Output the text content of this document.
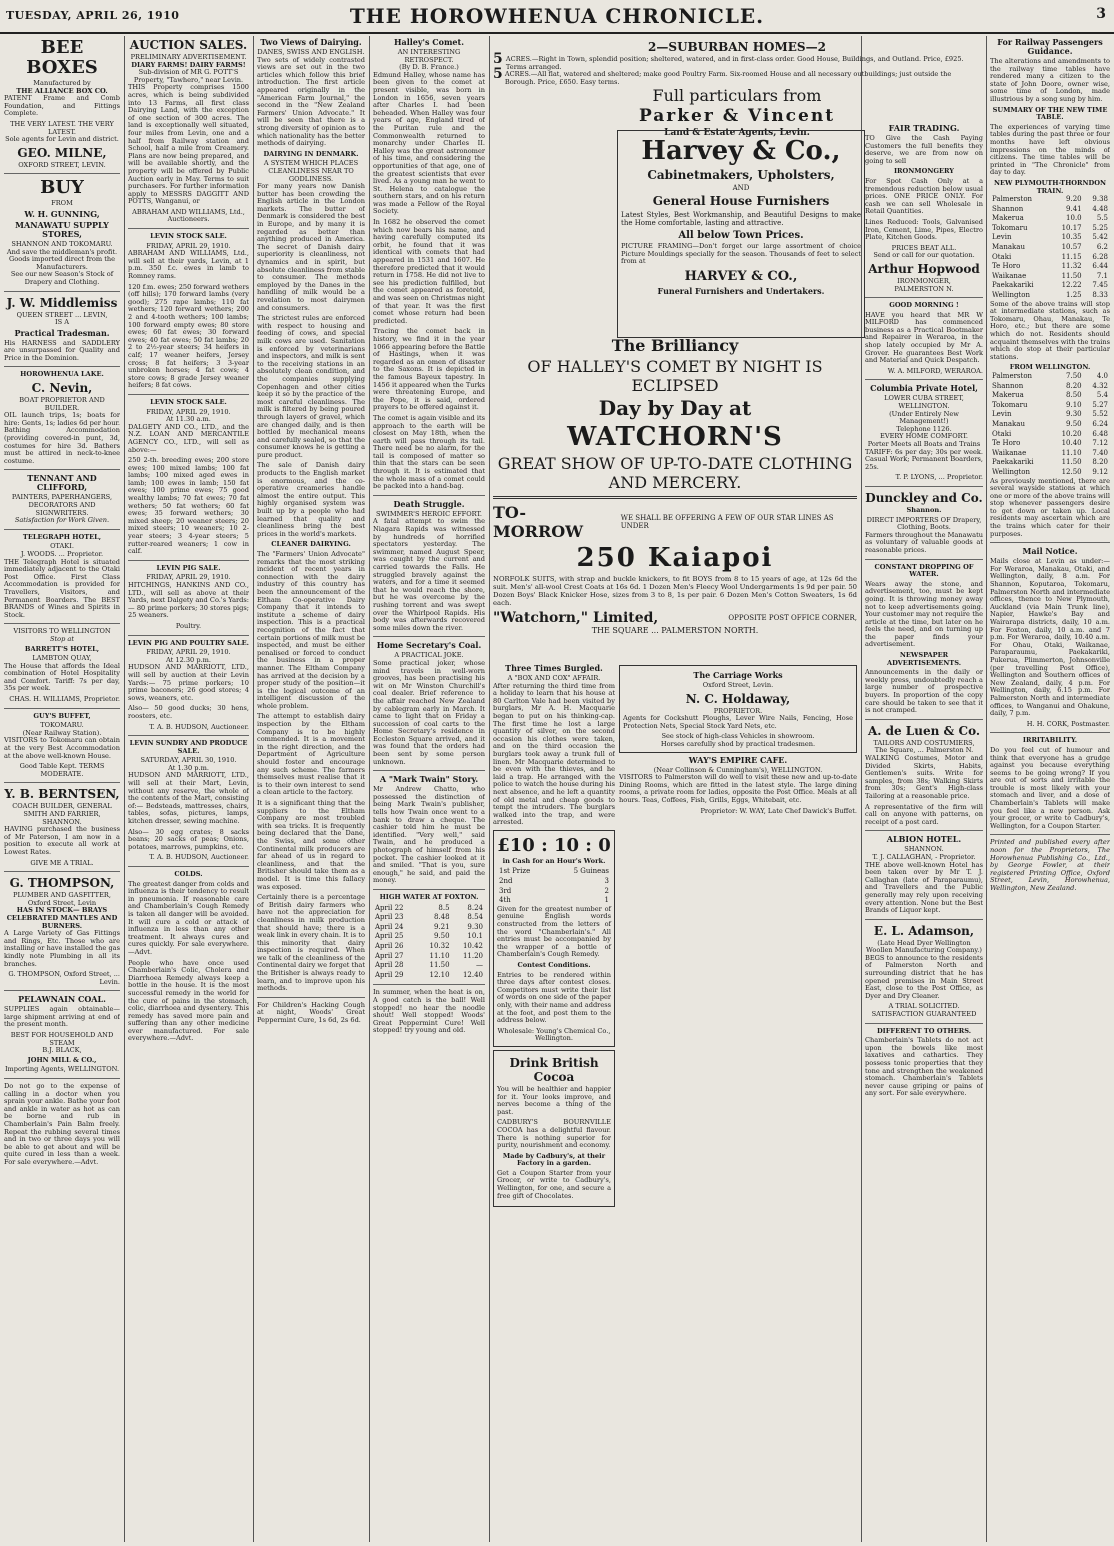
TUESDAY, APRIL 26, 1910	THE HOROWHENUA CHRONICLE.	3
BEE BOXES
Manufactured by
THE ALLIANCE BOX CO.
PATENT Frame and Comb Foundation, and Fittings Complete.
THE VERY LATEST. THE VERY LATEST.
Sole agents for Levin and district.
GEO. MILNE,
OXFORD STREET, LEVIN.
BUY
FROM
W. H. GUNNING,
MANAWATU SUPPLY STORES,
SHANNON AND TOKOMARU.
And save the middleman's profit.
Goods imported direct from the Manufacturers.
See our new Season's Stock of Drapery and Clothing.
J. W. Middlemiss
QUEEN STREET ... LEVIN,
IS A
Practical Tradesman.
His HARNESS and SADDLERY are unsurpassed for Quality and Price in the Dominion.
HOROWHENUA LAKE.
C. Nevin,
BOAT PROPRIETOR AND BUILDER.
OIL launch trips, 1s; boats for hire: Gents, 1s; ladies 6d per hour. Bathing Accommodation (providing covered-in punt, 3d, costumes for hire 3d. Bathers must be attired in neck-to-knee costume.
TENNANT AND CLIFFORD,
PAINTERS, PAPERHANGERS, DECORATORS AND SIGNWRITERS.
Satisfaction for Work Given.
TELEGRAPH HOTEL,
OTAKI.
J. WOODS. ... Proprietor.
THE Telegraph Hotel is situated immediately adjacent to the Otaki Post Office. First Class Accommodation is provided for Travellers, Visitors, and Permanent Boarders. The BEST BRANDS of Wines and Spirits in Stock.
VISITORS TO WELLINGTON
Stop at
BARRETT'S HOTEL,
LAMBTON QUAY,
The House that affords the Ideal combination of Hotel Hospitality and Comfort. Tariff: 7s per day, 35s per week.
CHAS. H. WILLIAMS, Proprietor.
GUY'S BUFFET,
TOKOMARU.
(Near Railway Station).
VISITORS to Tokomaru can obtain at the very Best Accommodation at the above well-known House.
Good Table Kept. TERMS MODERATE.
Y. B. BERNTSEN,
COACH BUILDER, GENERAL SMITH AND FARRIER,
SHANNON.
HAVING purchased the business of Mr Paterson, I am now in a position to execute all work at Lowest Rates.
GIVE ME A TRIAL.
G. THOMPSON,
PLUMBER AND GASFITTER, Oxford Street, Levin
HAS IN STOCK— BRAYS CELEBRATED MANTLES AND BURNERS.
A Large Variety of Gas Fittings and Rings, Etc. Those who are installing or have installed the gas kindly note Plumbing in all its branches.
G. THOMPSON, Oxford Street, ... Levin.
PELAWNAIN COAL.
SUPPLIES again obtainable—large shipment arriving at end of the present month.
BEST FOR HOUSEHOLD AND STEAM
B.J. BLACK,
JOHN MILL & CO.,
Importing Agents, WELLINGTON.
Do not go to the expense of calling in a doctor when you sprain your ankle. Bathe your foot and ankle in water as hot as can be borne and rub in Chamberlain's Pain Balm freely. Repeat the rubbing several times and in two or three days you will be able to get about and will be quite cured in less than a week. For sale everywhere.—Advt.
AUCTION SALES.
PRELIMINARY ADVERTISEMENT.
DIARY FARMS! DAIRY FARMS!
Sub-division of MR G. POTT'S Property, "Tawhero," near Levin.
THIS Property comprises 1500 acres, which is being subdivided into 13 Farms, all first class Dairying Land, with the exception of one section of 300 acres. The land is exceptionally well situated, four miles from Levin, one and a half from Railway station and School, half a mile from Creamery. Plans are now being prepared, and will be available shortly, and the property will be offered by Public Auction early in May. Terms to suit purchasers. For further information apply to MESSRS DAGGITT AND POTTS, Wanganui, or
ABRAHAM AND WILLIAMS, Ltd., Auctioneers.
LEVIN STOCK SALE.
FRIDAY, APRIL 29, 1910.
ABRAHAM AND WILLIAMS, Ltd., will sell at their yards, Levin, at 1 p.m. 350 f.c. ewes in lamb to Romney rams.
120 f.m. ewes; 250 forward wethers (off hills); 170 forward lambs (very good); 275 rape lambs; 110 fat wethers; 120 forward wethers; 200 2 and 4-tooth wethers; 100 lambs; 100 forward empty ewes; 80 store ewes; 60 fat ewes; 30 forward ewes; 40 fat ewes; 50 fat lambs; 20 2 to 2½-year steers; 34 heifers in calf; 17 weaner heifers, Jersey cross; 8 fat heifers; 3 3-year unbroken horses; 4 fat cows; 4 store cows; 8 grade Jersey weaner heifers; 8 fat cows.
LEVIN STOCK SALE.
FRIDAY, APRIL 29, 1910.
At 11.30 a.m.
DALGETY AND CO., LTD., and the N.Z. LOAN AND MERCANTILE AGENCY CO., LTD., will sell as above:—
250 2-th. breeding ewes; 200 store ewes; 100 mixed lambs; 100 fat lambs; 100 mixed aged ewes in lamb; 100 ewes in lamb; 150 fat ewes; 100 prime ewes; 75 good wealthy lambs; 70 fat ewes; 70 fat wethers; 50 fat wethers; 60 fat ewes; 35 forward wethers; 30 mixed sheep; 20 weaner steers; 20 mixed steers; 10 weaners; 10 2-year steers; 3 4-year steers; 5 rutter-reared weaners; 1 cow in calf.
LEVIN PIG SALE.
FRIDAY, APRIL 29, 1910.
HITCHINGS, HANKINS AND CO., LTD., will sell as above at their Yards, next Dalgety and Co.'s Yards:— 80 prime porkers; 30 stores pigs; 25 weaners.
Poultry.
LEVIN PIG AND POULTRY SALE.
FRIDAY, APRIL 29, 1910.
At 12.30 p.m.
HUDSON AND MARRIOTT, LTD., will sell by auction at their Levin Yards:— 75 prime porkers; 10 prime baconers; 26 good stores; 4 sows, weaners, etc.
Also— 50 good ducks; 30 hens, roosters, etc.
T. A. B. HUDSON, Auctioneer.
LEVIN SUNDRY AND PRODUCE SALE.
SATURDAY, APRIL 30, 1910.
At 1.30 p.m.
HUDSON AND MARRIOTT, LTD., will sell at their Mart, Levin, without any reserve, the whole of the contents of the Mart, consisting of:— Bedsteads, mattresses, chairs, tables, sofas, pictures, lamps, kitchen dresser, sewing machine.
Also— 30 egg crates; 8 sacks beans; 20 sacks of peas; Onions, potatoes, marrows, pumpkins, etc.
T. A. B. HUDSON, Auctioneer.
COLDS.
The greatest danger from colds and influenza is their tendency to result in pneumonia. If reasonable care and Chamberlain's Cough Remedy is taken all danger will be avoided. It will cure a cold or attack of influenza in less than any other treatment. It always cures and cures quickly. For sale everywhere.—Advt.
People who have once used Chamberlain's Colic, Cholera and Diarrhoea Remedy always keep a bottle in the house. It is the most successful remedy in the world for the cure of pains in the stomach, colic, diarrhoea and dysentery. This remedy has saved more pain and suffering than any other medicine ever manufactured. For sale everywhere.—Advt.
Two Views of Dairying.
DANES, SWISS AND ENGLISH.
Two sets of widely contrasted views are set out in the two articles which follow this brief introduction. The first article appeared originally in the "American Farm Journal," the second in the "New Zealand Farmers' Union Advocate." It will be seen that there is a strong diversity of opinion as to which nationality has the better methods of dairying.
DAIRYING IN DENMARK.
A SYSTEM WHICH PLACES CLEANLINESS NEAR TO GODLINESS.
For many years now Danish butter has been crowding the English article in the London markets. The butter of Denmark is considered the best in Europe, and by many it is regarded as better than anything produced in America. The secret of Danish dairy superiority is cleanliness, not dynamics and in spirit, but absolute cleanliness from stable to consumer. The methods employed by the Danes in the handling of milk would be a revelation to most dairymen and consumers.
The strictest rules are enforced with respect to housing and feeding of cows, and special milk cows are used. Sanitation is enforced by veterinarians and inspectors, and milk is sent to the receiving stations in an absolutely clean condition, and the companies supplying Copenhagen and other cities keep it so by the practice of the most careful cleanliness. The milk is filtered by being poured through layers of gravel, which are changed daily, and is then bottled by mechanical means and carefully sealed, so that the consumer knows he is getting a pure product.
The sale of Danish dairy products to the English market is enormous, and the co-operative creameries handle almost the entire output. This highly organised system was built up by a people who had learned that quality and cleanliness bring the best prices in the world's markets.
CLEANER DAIRYING.
The "Farmers' Union Advocate" remarks that the most striking incident of recent years in connection with the dairy industry of this country has been the announcement of the Eltham Co-operative Dairy Company that it intends to institute a scheme of dairy inspection. This is a practical recognition of the fact that certain portions of milk must be inspected, and must be either penalised or forced to conduct the business in a proper manner. The Eltham Company has arrived at the decision by a proper study of the position—it is the logical outcome of an intelligent discussion of the whole problem.
The attempt to establish dairy inspection by the Eltham Company is to be highly commended. It is a movement in the right direction, and the Department of Agriculture should foster and encourage any such scheme. The farmers themselves must realise that it is to their own interest to send a clean article to the factory.
It is a significant thing that the suppliers to the Eltham Company are most troubled with sea tricks. It is frequently being declared that the Dane, the Swiss, and some other Continental milk producers are far ahead of us in regard to cleanliness, and that the Britisher should take them as a model. It is time this fallacy was exposed.
Certainly there is a percentage of British dairy farmers who have not the appreciation for cleanliness in milk production that should have; there is a weak link in every chain. It is to this minority that dairy inspection is required. When we talk of the cleanliness of the Continental dairy we forget that the Britisher is always ready to learn, and to improve upon his methods.
For Children's Hacking Cough at night, Woods' Great Peppermint Cure, 1s 6d, 2s 6d.
Halley's Comet.
AN INTERESTING RETROSPECT.
(By D. B. France.)
Edmund Halley, whose name has been given to the comet at present visible, was born in London in 1656, seven years after Charles I. had been beheaded. When Halley was four years of age, England tired of the Puritan rule and the Commonwealth returned to monarchy under Charles II. Halley was the great astronomer of his time, and considering the opportunities of that age, one of the greatest scientists that ever lived. As a young man he went to St. Helena to catalogue the southern stars, and on his return was made a Fellow of the Royal Society.
In 1682 he observed the comet which now bears his name, and having carefully computed its orbit, he found that it was identical with comets that had appeared in 1531 and 1607. He therefore predicted that it would return in 1758. He did not live to see his prediction fulfilled, but the comet appeared as foretold, and was seen on Christmas night of that year. It was the first comet whose return had been predicted.
Tracing the comet back in history, we find it in the year 1066 appearing before the Battle of Hastings, when it was regarded as an omen of disaster to the Saxons. It is depicted in the famous Bayeux tapestry. In 1456 it appeared when the Turks were threatening Europe, and the Pope, it is said, ordered prayers to be offered against it.
The comet is again visible and its approach to the earth will be closest on May 18th, when the earth will pass through its tail. There need be no alarm, for the tail is composed of matter so thin that the stars can be seen through it. It is estimated that the whole mass of a comet could be packed into a hand-bag.
Death Struggle.
SWIMMER'S HEROIC EFFORT.
A fatal attempt to swim the Niagara Rapids was witnessed by hundreds of horrified spectators yesterday. The swimmer, named August Speer, was caught by the current and carried towards the Falls. He struggled bravely against the waters, and for a time it seemed that he would reach the shore, but he was overcome by the rushing torrent and was swept over the Whirlpool Rapids. His body was afterwards recovered some miles down the river.
Home Secretary's Coal.
A PRACTICAL JOKE.
Some practical joker, whose mind travels in well-worn grooves, has been practising his wit on Mr Winston Churchill's coal dealer. Brief reference to the affair reached New Zealand by cablegram early in March. It came to light that on Friday a succession of coal carts to the Home Secretary's residence in Eccleston Square arrived, and it was found that the orders had been sent by some person unknown.
A "Mark Twain" Story.
Mr Andrew Chatto, who possessed the distinction of being Mark Twain's publisher, tells how Twain once went to a bank to draw a cheque. The cashier told him he must be identified. "Very well," said Twain, and he produced a photograph of himself from his pocket. The cashier looked at it and smiled. "That is you, sure enough," he said, and paid the money.
HIGH WATER AT FOXTON.
April 22	8.5	8.24
April 23	8.48	8.54
April 24	9.21	9.30
April 25	9.50	10.1
April 26	10.32	10.42
April 27	11.10	11.20
April 28	11.50	—
April 29	12.10	12.40
In summer, when the heat is on, A good catch is the ball! Well stopped! no hear the noodle shout! Well stopped! Woods' Great Peppermint Cure! Well stopped! try young and old.
2—SUBURBAN HOMES—2
5 ACRES.—Right in Town, splendid position; sheltered, watered, and in first-class order. Good House, Buildings, and Outland. Price, £925. Terms arranged.
5 ACRES.—All flat, watered and sheltered; make good Poultry Farm. Six-roomed House and all necessary outbuildings; just outside the Borough. Price, £650. Easy terms.
Full particulars from
Parker & Vincent
Land & Estate Agents, Levin.
Harvey & Co.,
Cabinetmakers, Upholsters,
AND
General House Furnishers
Latest Styles, Best Workmanship, and Beautiful Designs to make the Home comfortable, lasting and attractive.
All below Town Prices.
PICTURE FRAMING—Don't forget our large assortment of choice Picture Mouldings specially for the season. Thousands of feet to select from at
HARVEY & CO.,
Funeral Furnishers and Undertakers.
FAIR TRADING.
TO Give the Cash Paying Customers the full benefits they deserve, we are from now on going to sell
IRONMONGERY
For Spot Cash Only at a tremendous reduction below usual prices. ONE PRICE ONLY. For cash we can sell Wholesale in Retail Quantities.
Lines Reduced: Tools, Galvanised Iron, Cement, Lime, Pipes, Electro Plate, Kitchen Goods.
PRICES BEAT ALL.
Send or call for our quotation.
Arthur Hopwood
IRONMONGER,
PALMERSTON N.
GOOD MORNING !
HAVE you heard that MR W MILFORD has commenced business as a Practical Bootmaker and Repairer in Weraroa, in the shop lately occupied by Mr A. Grover. He guarantees Best Work and Material and Quick Despatch.
W. A. MILFORD, WERAROA.
Columbia Private Hotel,
LOWER CUBA STREET, WELLINGTON.
(Under Entirely New Management!)
Telephone 1126.
EVERY HOME COMFORT.
Porter Meets all Boats and Trains
TARIFF: 6s per day; 30s per week. Casual Work; Permanent Boarders, 25s.
T. P. LYONS, ... Proprietor.
Dunckley and Co.
Shannon.
DIRECT IMPORTERS OF Drapery, Clothing, Boots.
Farmers throughout the Manawatu as voluntary of valuable goods at reasonable prices.
CONSTANT DROPPING OF WATER.
Wears away the stone, and advertisement, too, must be kept going. It is throwing money away not to keep advertisements going. Your customer may not require the article at the time, but later on he feels the need, and on turning up the paper finds your advertisement.
NEWSPAPER ADVERTISEMENTS.
Announcements in the daily or weekly press, undoubtedly reach a large number of prospective buyers. In proportion of the copy care should be taken to see that it is not cramped.
A. de Luen & Co.
TAILORS AND COSTUMIERS,
The Square, ... Palmerston N.
WALKING Costumes, Motor and Divided Skirts, Habits, Gentlemen's suits. Write for samples, from 38s; Walking Skirts from 30s; Gent's High-class Tailoring at a reasonable price.
A representative of the firm will call on anyone with patterns, on receipt of a post card.
ALBION HOTEL.
SHANNON.
T. J. CALLAGHAN, - Proprietor.
THE above well-known Hotel has been taken over by Mr T. J. Callaghan (late of Paraparaumu), and Travellers and the Public generally may rely upon receiving every attention. None but the Best Brands of Liquor kept.
E. L. Adamson,
(Late Head Dyer Wellington Woollen Manufacturing Company.)
BEGS to announce to the residents of Palmerston North and surrounding district that he has opened premises in Main Street East, close to the Post Office, as Dyer and Dry Cleaner.
A TRIAL SOLICITED.
SATISFACTION GUARANTEED
DIFFERENT TO OTHERS.
Chamberlain's Tablets do not act upon the bowels like most laxatives and cathartics. They possess tonic properties that they tone and strengthen the weakened stomach. Chamberlain's Tablets never cause griping or pains of any sort. For sale everywhere.
The Brilliancy
OF HALLEY'S COMET BY NIGHT IS ECLIPSED
Day by Day at
WATCHORN'S
GREAT SHOW OF UP-TO-DATE CLOTHING AND MERCERY.
TO-MORROW
WE SHALL BE OFFERING A FEW OF OUR STAR LINES AS UNDER
250 Kaiapoi
NORFOLK SUITS, with strap and buckle knickers, to fit BOYS from 8 to 15 years of age, at 12s 6d the suit. Men's' all-wool Crest Coats at 16s 6d. 1 Dozen Men's Fleecy Wool Undergarments 1s 9d per pair. 50 Dozen Boys' Black Knicker Hose, sizes from 3 to 8, 1s per pair. 6 Dozen Men's Cotton Sweaters, 1s 6d each.
"Watchorn," Limited,	OPPOSITE POST OFFICE CORNER,
THE SQUARE ... PALMERSTON NORTH.
Three Times Burgled.
A "BOX AND COX" AFFAIR.
After returning the third time from a holiday to learn that his house at 80 Carlton Vale had been visited by burglars, Mr A. H. Macquarie began to put on his thinking-cap. The first time he lost a large quantity of silver, on the second occasion his clothes were taken, and on the third occasion the burglars took away a trunk full of linen. Mr Macquarie determined to be even with the thieves, and he laid a trap. He arranged with the police to watch the house during his next absence, and he left a quantity of old metal and cheap goods to tempt the intruders. The burglars walked into the trap, and were arrested.
£10 : 10 : 0
in Cash for an Hour's Work.
1st Prize	5 Guineas
2nd	3
3rd	2
4th	1
Given for the greatest number of genuine English words constructed from the letters of the word "Chamberlain's." All entries must be accompanied by the wrapper of a bottle of Chamberlain's Cough Remedy.
Contest Conditions.
Entries to be rendered within three days after contest closes. Competitors must write their list of words on one side of the paper only, with their name and address at the foot, and post them to the address below.
Wholesale: Young's Chemical Co., Wellington.
Drink British Cocoa
You will be healthier and happier for it. Your looks improve, and nerves become a thing of the past.
CADBURY'S BOURNVILLE COCOA has a delightful flavour. There is nothing superior for purity, nourishment and economy.
Made by Cadbury's, at their Factory in a garden.
Get a Coupon Starter from your Grocer, or write to Cadbury's, Wellington, for one, and secure a free gift of Chocolates.
The Carriage Works
Oxford Street, Levin.
N. C. Holdaway,
PROPRIETOR.
Agents for Cockshutt Ploughs, Lever Wire Nails, Fencing, Hose Protection Nets, Special Stock Yard Nets, etc.
See stock of high-class Vehicles in showroom.
Horses carefully shod by practical tradesmen.
WAY'S EMPIRE CAFE.
(Near Collinson & Cunningham's), WELLINGTON.
VISITORS to Palmerston will do well to visit these new and up-to-date Dining Rooms, which are fitted in the latest style. The large dining rooms, a private room for ladies, opposite the Post Office. Meals at all hours. Teas, Coffees, Fish, Grills, Eggs, Whitebait, etc.
Proprietor: W. WAY, Late Chef Dawick's Buffet.
For Railway Passengers Guidance.
The alterations and amendments to the railway time tables have rendered many a citizen to the state of John Doore, owner wise, some time of London, made illustrious by a song sung by him.
SUMMARY OF THE NEW TIME TABLE.
The experiences of varying time tables during the past three or four months have left obvious impressions on the minds of citizens. The time tables will be printed in "The Chronicle" from day to day.
NEW PLYMOUTH-THORNDON TRAIN.
Palmerston	9.20	9.38
Shannon	9.41	4.48
Makerua	10.0	5.5
Tokomaru	10.17	5.25
Levin	10.35	5.42
Manakau	10.57	6.2
Otaki	11.15	6.28
Te Horo	11.32	6.44
Waikanae	11.50	7.1
Paekakariki	12.22	7.45
Wellington	1.25	8.33
Some of the above trains will stop at intermediate stations, such as Tokomaru, Ohau, Manakau, Te Horo, etc.; but there are some which do not. Residents should acquaint themselves with the trains which do stop at their particular stations.
FROM WELLINGTON.
Palmerston	7.50	4.0
Shannon	8.20	4.32
Makerua	8.50	5.4
Tokomaru	9.10	5.27
Levin	9.30	5.52
Manakau	9.50	6.24
Otaki	10.20	6.48
Te Horo	10.40	7.12
Waikanae	11.10	7.40
Paekakariki	11.50	8.20
Wellington	12.50	9.12
As previously mentioned, there are several wayside stations at which one or more of the above trains will stop whenever passengers desire to get down or taken up. Local residents may ascertain which are the trains which cater for their purposes.
Mail Notice.
Mails close at Levin as under:— For Weraroa, Manakau, Otaki, and Wellington, daily, 8 a.m. For Shannon, Koputaroa, Tokomaru, Palmerston North and intermediate offices, thence to New Plymouth, Auckland (via Main Trunk line), Napier, Hawke's Bay and Wairarapa districts, daily, 10 a.m. For Foxton, daily, 10 a.m. and 7 p.m. For Weraroa, daily, 10.40 a.m. For Ohau, Otaki, Waikanae, Paraparaumu, Paekakariki, Pukerua, Plimmerton, Johnsonville (per travelling Post Office), Wellington and Southern offices of New Zealand, daily, 4 p.m. For Wellington, daily, 6.15 p.m. For Palmerston North and intermediate offices, to Wanganui and Ohakune, daily, 7 p.m.
H. H. CORK, Postmaster.
IRRITABILITY.
Do you feel cut of humour and think that everyone has a grudge against you because everything seems to be going wrong? If you are out of sorts and irritable the trouble is most likely with your stomach and liver, and a dose of Chamberlain's Tablets will make you feel like a new person. Ask your grocer, or write to Cadbury's, Wellington, for a Coupon Starter.
Printed and published every after noon for the Proprietors, The Horowhenua Publishing Co., Ltd., by George Fowler, at their registered Printing Office, Oxford Street, Levin, Horowhenua, Wellington, New Zealand.
